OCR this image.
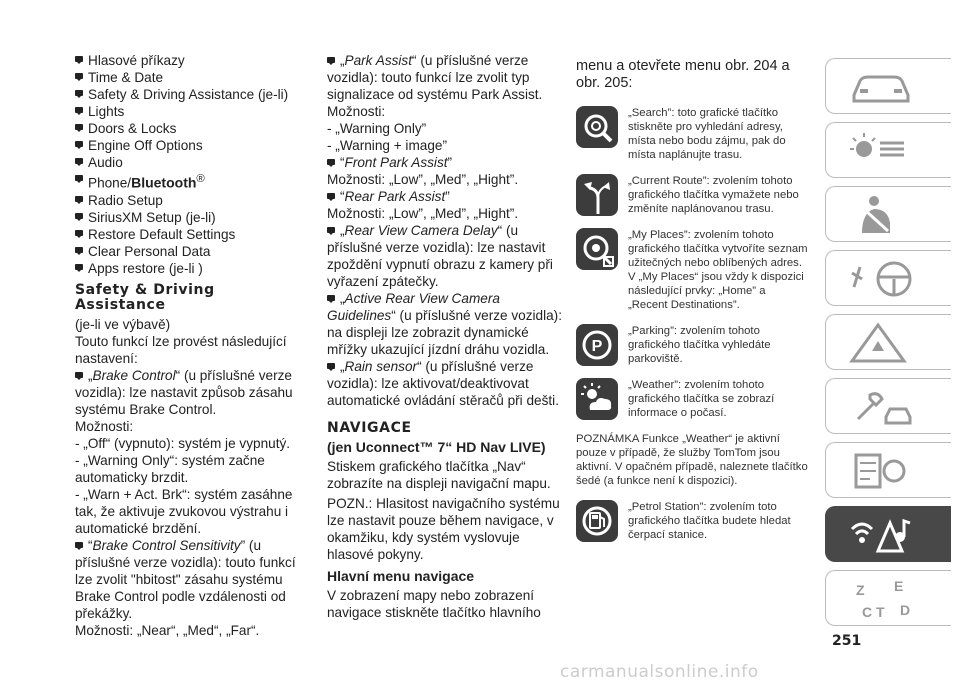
Hlasové příkazy
Time & Date
Safety & Driving Assistance (je-li)
Lights
Doors & Locks
Engine Off Options
Audio
Phone/Bluetooth®
Radio Setup
SiriusXM Setup (je-li)
Restore Default Settings
Clear Personal Data
Apps restore (je-li )
Safety & Driving Assistance

(je-li ve výbavě)

Touto funkcí lze provést následující nastavení:

„Brake Control“ (u příslušné verze vozidla): lze nastavit způsob zásahu systému Brake Control.

Možnosti:

- „Off“ (vypnuto): systém je vypnutý.

- „Warning Only“: systém začne automaticky brzdit.

- „Warn + Act. Brk“: systém zasáhne tak, že aktivuje zvukovou výstrahu i automatické brzdění.

“Brake Control Sensitivity” (u příslušné verze vozidla): touto funkcí lze zvolit "hbitost" zásahu systému Brake Control podle vzdálenosti od překážky.

Možnosti: „Near“, „Med“, „Far“.

„Park Assist“ (u příslušné verze vozidla): touto funkcí lze zvolit typ signalizace od systému Park Assist.

Možnosti:

- „Warning Only”

- „Warning + image”

“Front Park Assist”

Možnosti: „Low”, „Med”, „Hight”.

“Rear Park Assist”

Možnosti: „Low”, „Med”, „Hight”.

„Rear View Camera Delay“ (u příslušné verze vozidla): lze nastavit zpoždění vypnutí obrazu z kamery při vyřazení zpátečky.

„Active Rear View Camera Guidelines“ (u příslušné verze vozidla): na displeji lze zobrazit dynamické mřížky ukazující jízdní dráhu vozidla.

„Rain sensor“ (u příslušné verze vozidla): lze aktivovat/deaktivovat automatické ovládání stěračů při dešti.

NAVIGACE
(jen Uconnect™ 7“ HD Nav LIVE)

Stiskem grafického tlačítka „Nav“ zobrazíte na displeji navigační mapu.

POZN.: Hlasitost navigačního systému lze nastavit pouze během navigace, v okamžiku, kdy systém vyslovuje hlasové pokyny.

Hlavní menu navigace

V zobrazení mapy nebo zobrazení navigace stiskněte tlačítko hlavního

menu a otevřete menu obr. 204 a obr. 205:
„Search”: toto grafické tlačítko stiskněte pro vyhledání adresy, místa nebo bodu zájmu, pak do místa naplánujte trasu.
„Current Route”: zvolením tohoto grafického tlačítka vymažete nebo změníte naplánovanou trasu.
„My Places”: zvolením tohoto grafického tlačítka vytvoříte seznam užitečných nebo oblíbených adres. V „My Places“ jsou vždy k dispozici následující prvky: „Home” a „Recent Destinations”.
P
„Parking”: zvolením tohoto grafického tlačítka vyhledáte parkoviště.
„Weather”: zvolením tohoto grafického tlačítka se zobrazí informace o počasí.
POZNÁMKA Funkce „Weather“ je aktivní pouze v případě, že služby TomTom jsou aktivní. V opačném případě, naleznete tlačítko šedé (a funkce není k dispozici).
„Petrol Station”: zvolením toto grafického tlačítka budete hledat čerpací stanice.
Z E
C T D
251
carmanualsonline.info
